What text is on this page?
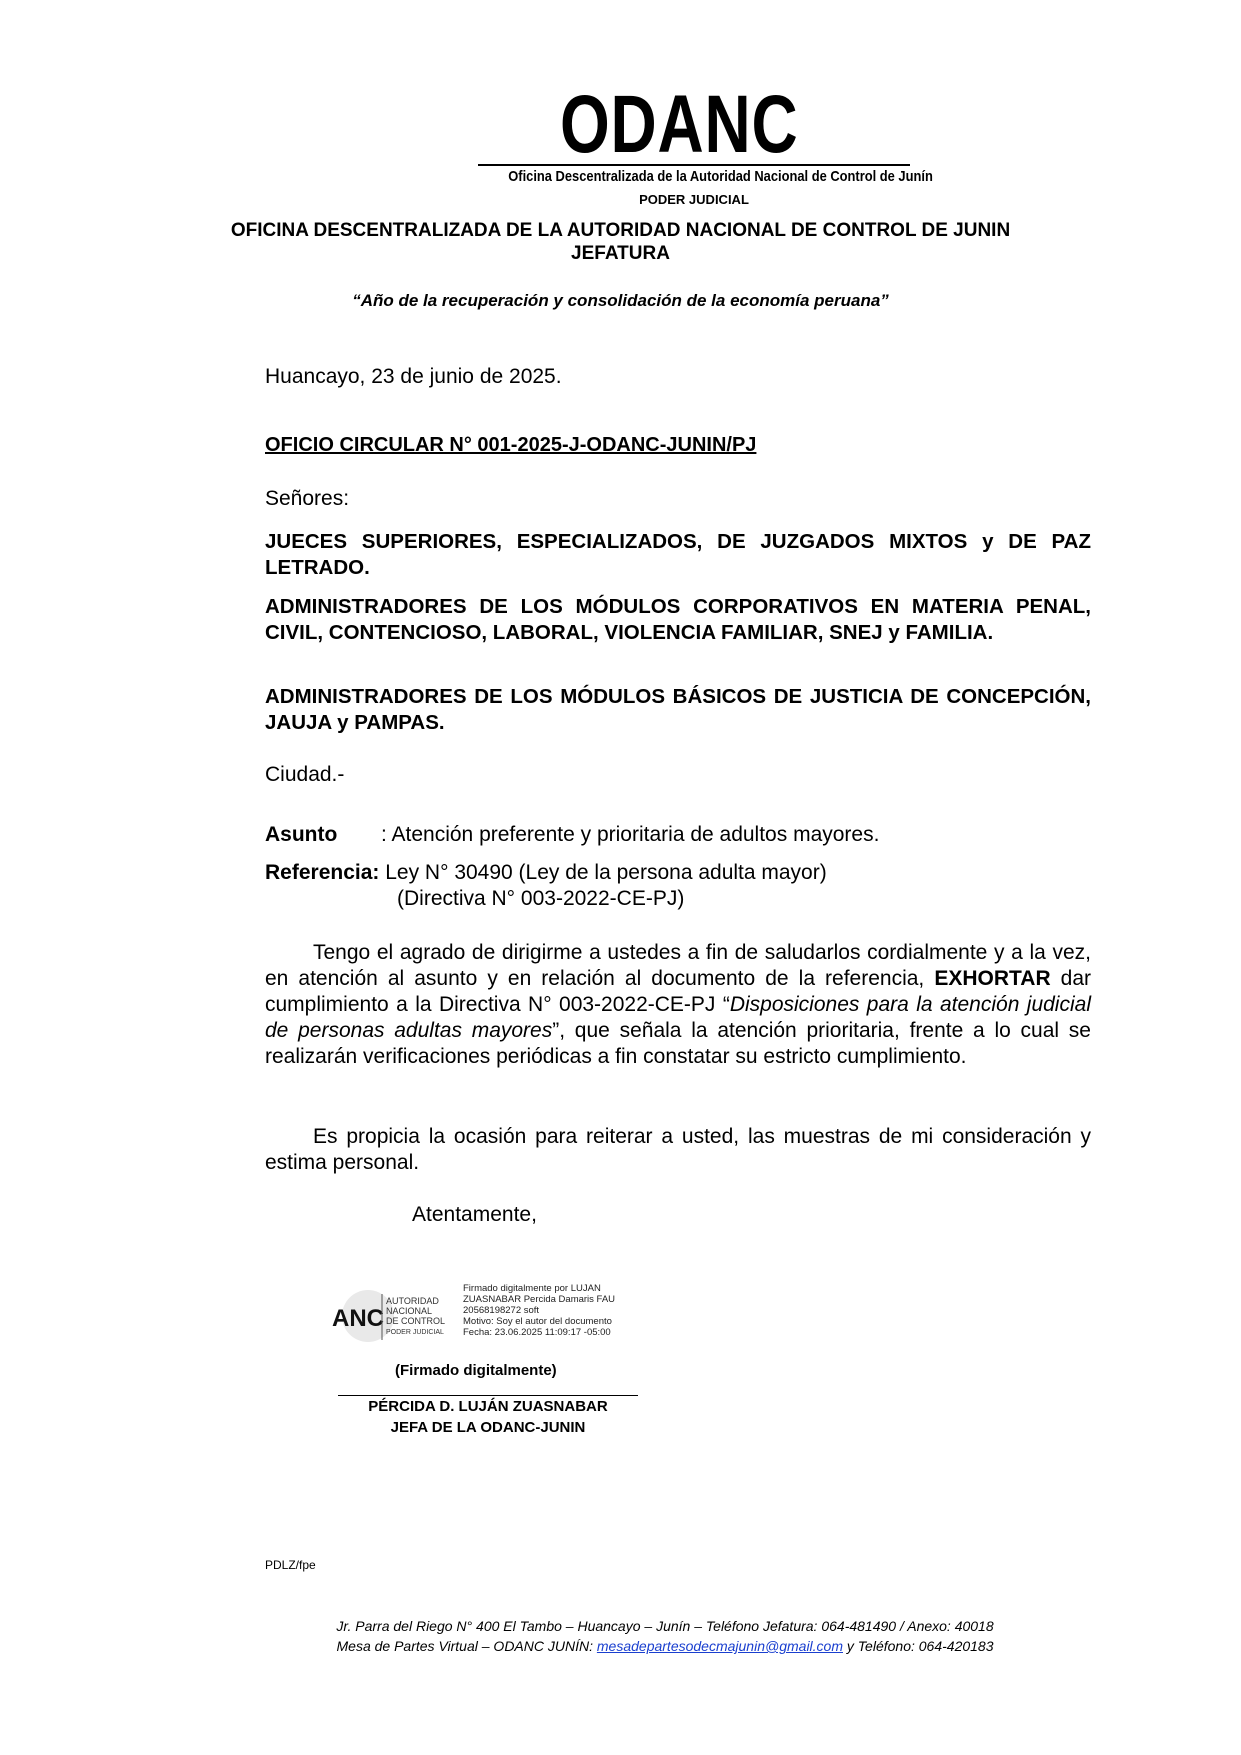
ODANC
Oficina Descentralizada de la Autoridad Nacional de Control de Junín
PODER JUDICIAL
OFICINA DESCENTRALIZADA DE LA AUTORIDAD NACIONAL DE CONTROL DE JUNIN
JEFATURA
“Año de la recuperación y consolidación de la economía peruana”
Huancayo, 23 de junio de 2025.
OFICIO CIRCULAR N° 001-2025-J-ODANC-JUNIN/PJ
Señores:
JUECES SUPERIORES, ESPECIALIZADOS, DE JUZGADOS MIXTOS y DE PAZ LETRADO.
ADMINISTRADORES DE LOS MÓDULOS CORPORATIVOS EN MATERIA PENAL, CIVIL, CONTENCIOSO, LABORAL, VIOLENCIA FAMILIAR, SNEJ y FAMILIA.
ADMINISTRADORES DE LOS MÓDULOS BÁSICOS DE JUSTICIA DE CONCEPCIÓN, JAUJA y PAMPAS.
Ciudad.-
Asunto : Atención preferente y prioritaria de adultos mayores.
Referencia: Ley N° 30490 (Ley de la persona adulta mayor)
(Directiva N° 003-2022-CE-PJ)
Tengo el agrado de dirigirme a ustedes a fin de saludarlos cordialmente y a la vez, en atención al asunto y en relación al documento de la referencia, EXHORTAR dar cumplimiento a la Directiva N° 003-2022-CE-PJ “Disposiciones para la atención judicial de personas adultas mayores”, que señala la atención prioritaria, frente a lo cual se realizarán verificaciones periódicas a fin constatar su estricto cumplimiento.
Es propicia la ocasión para reiterar a usted, las muestras de mi consideración y estima personal.
Atentamente,
ANC
AUTORIDAD
NACIONAL
DE CONTROL
PODER JUDICIAL
Firmado digitalmente por LUJAN
ZUASNABAR Percida Damaris FAU
20568198272 soft
Motivo: Soy el autor del documento
Fecha: 23.06.2025 11:09:17 -05:00
(Firmado digitalmente)
PÉRCIDA D. LUJÁN ZUASNABAR
JEFA DE LA ODANC-JUNIN
PDLZ/fpe
Jr. Parra del Riego N° 400 El Tambo – Huancayo – Junín – Teléfono Jefatura: 064-481490 / Anexo: 40018
Mesa de Partes Virtual – ODANC JUNÍN: mesadepartesodecmajunin@gmail.com y Teléfono: 064-420183
